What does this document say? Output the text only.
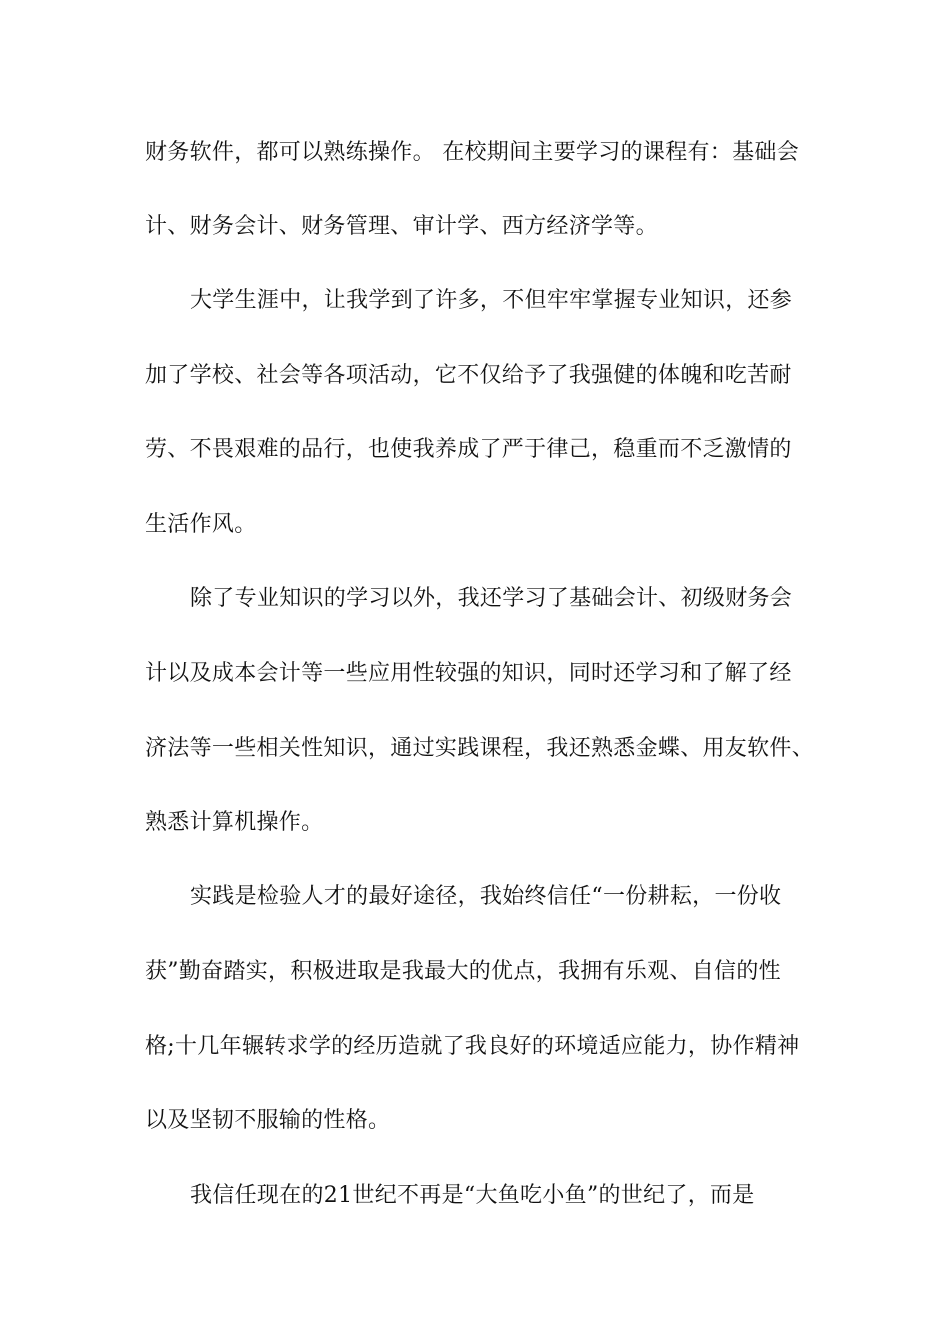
财务软件，都可以熟练操作。 在校期间主要学习的课程有：基础会
计、财务会计、财务管理、审计学、西方经济学等。
大学生涯中，让我学到了许多，不但牢牢掌握专业知识，还参
加了学校、社会等各项活动，它不仅给予了我强健的体魄和吃苦耐
劳、不畏艰难的品行，也使我养成了严于律己，稳重而不乏激情的
生活作风。
除了专业知识的学习以外，我还学习了基础会计、初级财务会
计以及成本会计等一些应用性较强的知识，同时还学习和了解了经
济法等一些相关性知识，通过实践课程，我还熟悉金蝶、用友软件、
熟悉计算机操作。
实践是检验人才的最好途径，我始终信任“一份耕耘，一份收
获”勤奋踏实，积极进取是我最大的优点，我拥有乐观、自信的性
格;十几年辗转求学的经历造就了我良好的环境适应能力，协作精神
以及坚韧不服输的性格。
我信任现在的21世纪不再是“大鱼吃小鱼”的世纪了，而是
